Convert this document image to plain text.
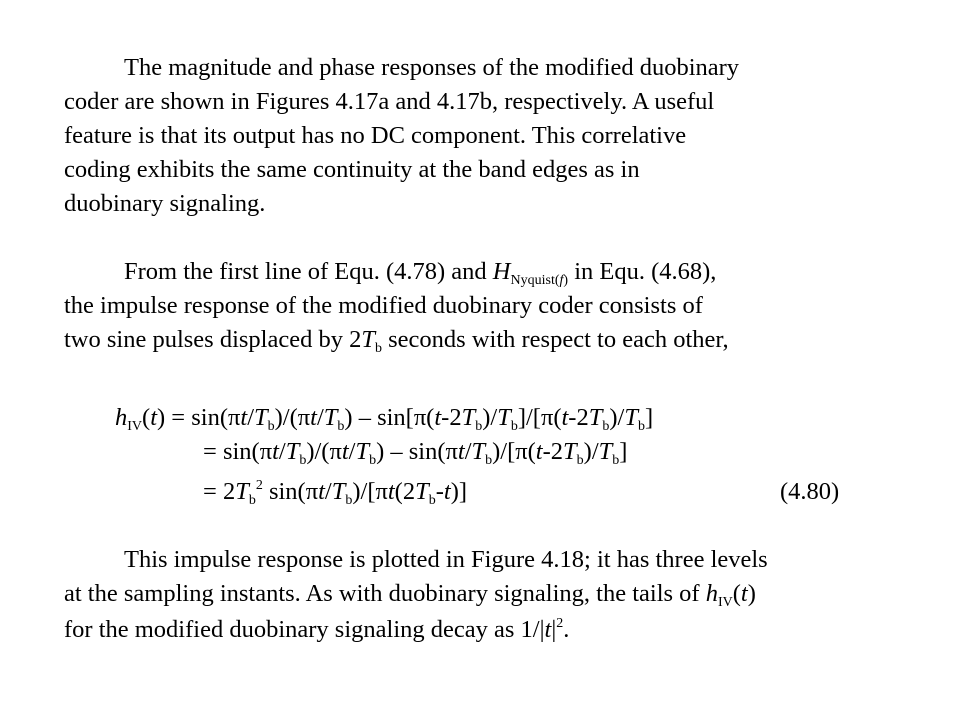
The magnitude and phase responses of the modified duobinary
coder are shown in Figures 4.17a and 4.17b, respectively. A useful
feature is that its output has no DC component. This correlative
coding exhibits the same continuity at the band edges as in
duobinary signaling.
From the first line of Equ. (4.78) and $H_{Nyquist(f)}$ in Equ. (4.68),
the impulse response of the modified duobinary coder consists of
two sine pulses displaced by $2T_b$ seconds with respect to each other,
$h_{IV}(t) = \sin(\pi t/T_b)/(\pi t/T_b) - \sin[\pi(t-2T_b)/T_b]/[\pi(t-2T_b)/T_b]$
= $\sin(\pi t/T_b)/(\pi t/T_b) - \sin(\pi t/T_b)/[\pi(t-2T_b)/T_b]$
= $2T_b^2$ $\sin(\pi t/T_b)/[\pi t(2T_b-t)]$	(4.80)
This impulse response is plotted in Figure 4.18; it has three levels
at the sampling instants. As with duobinary signaling, the tails of $h_{IV}(t)$
for the modified duobinary signaling decay as $1/|t|^2$.
